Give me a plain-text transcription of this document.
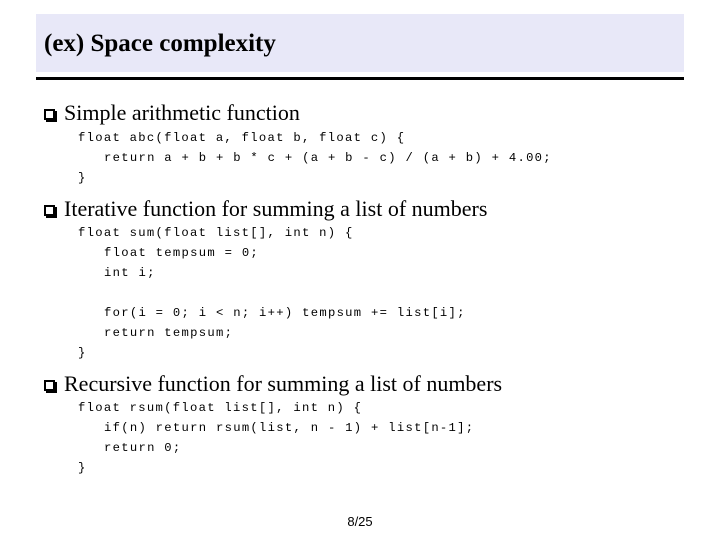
(ex) Space complexity
Simple arithmetic function
float abc(float a, float b, float c) {
return a + b + b * c + (a + b - c) / (a + b) + 4.00;
}
Iterative function for summing a list of numbers
float sum(float list[], int n) {
float tempsum = 0;
int i;
for(i = 0; i < n; i++) tempsum += list[i];
return tempsum;
}
Recursive function for summing a list of numbers
float rsum(float list[], int n) {
if(n) return rsum(list, n - 1) + list[n-1];
return 0;
}
8/25
